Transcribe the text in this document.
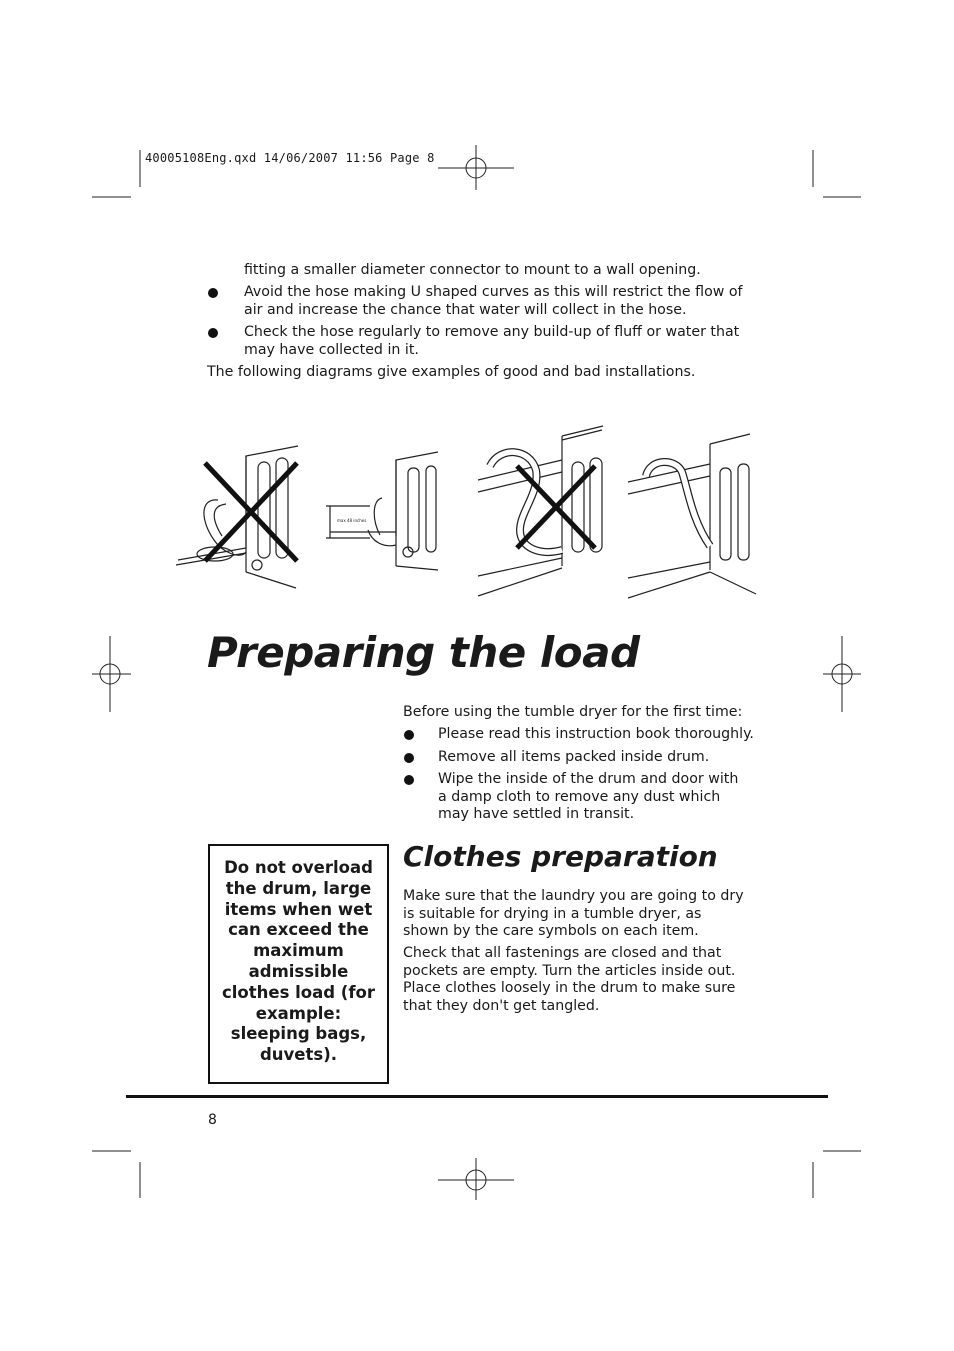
40005108Eng.qxd 14/06/2007 11:56 Page 8
fitting a smaller diameter connector to mount to a wall opening.
Avoid the hose making U shaped curves as this will restrict the flow of air and increase the chance that water will collect in the hose.
Check the hose regularly to remove any build-up of fluff or water that may have collected in it.
The following diagrams give examples of good and bad installations.
max 48 inches
Preparing the load
Before using the tumble dryer for the first time:
Please read this instruction book thoroughly.
Remove all items packed inside drum.
Wipe the inside of the drum and door with a damp cloth to remove any dust which may have settled in transit.
Do not overload the drum, large items when wet can exceed the maximum admissible clothes load (for example: sleeping bags, duvets).
Clothes preparation
Make sure that the laundry you are going to dry is suitable for drying in a tumble dryer, as shown by the care symbols on each item.
Check that all fastenings are closed and that pockets are empty. Turn the articles inside out. Place clothes loosely in the drum to make sure that they don't get tangled.
8
